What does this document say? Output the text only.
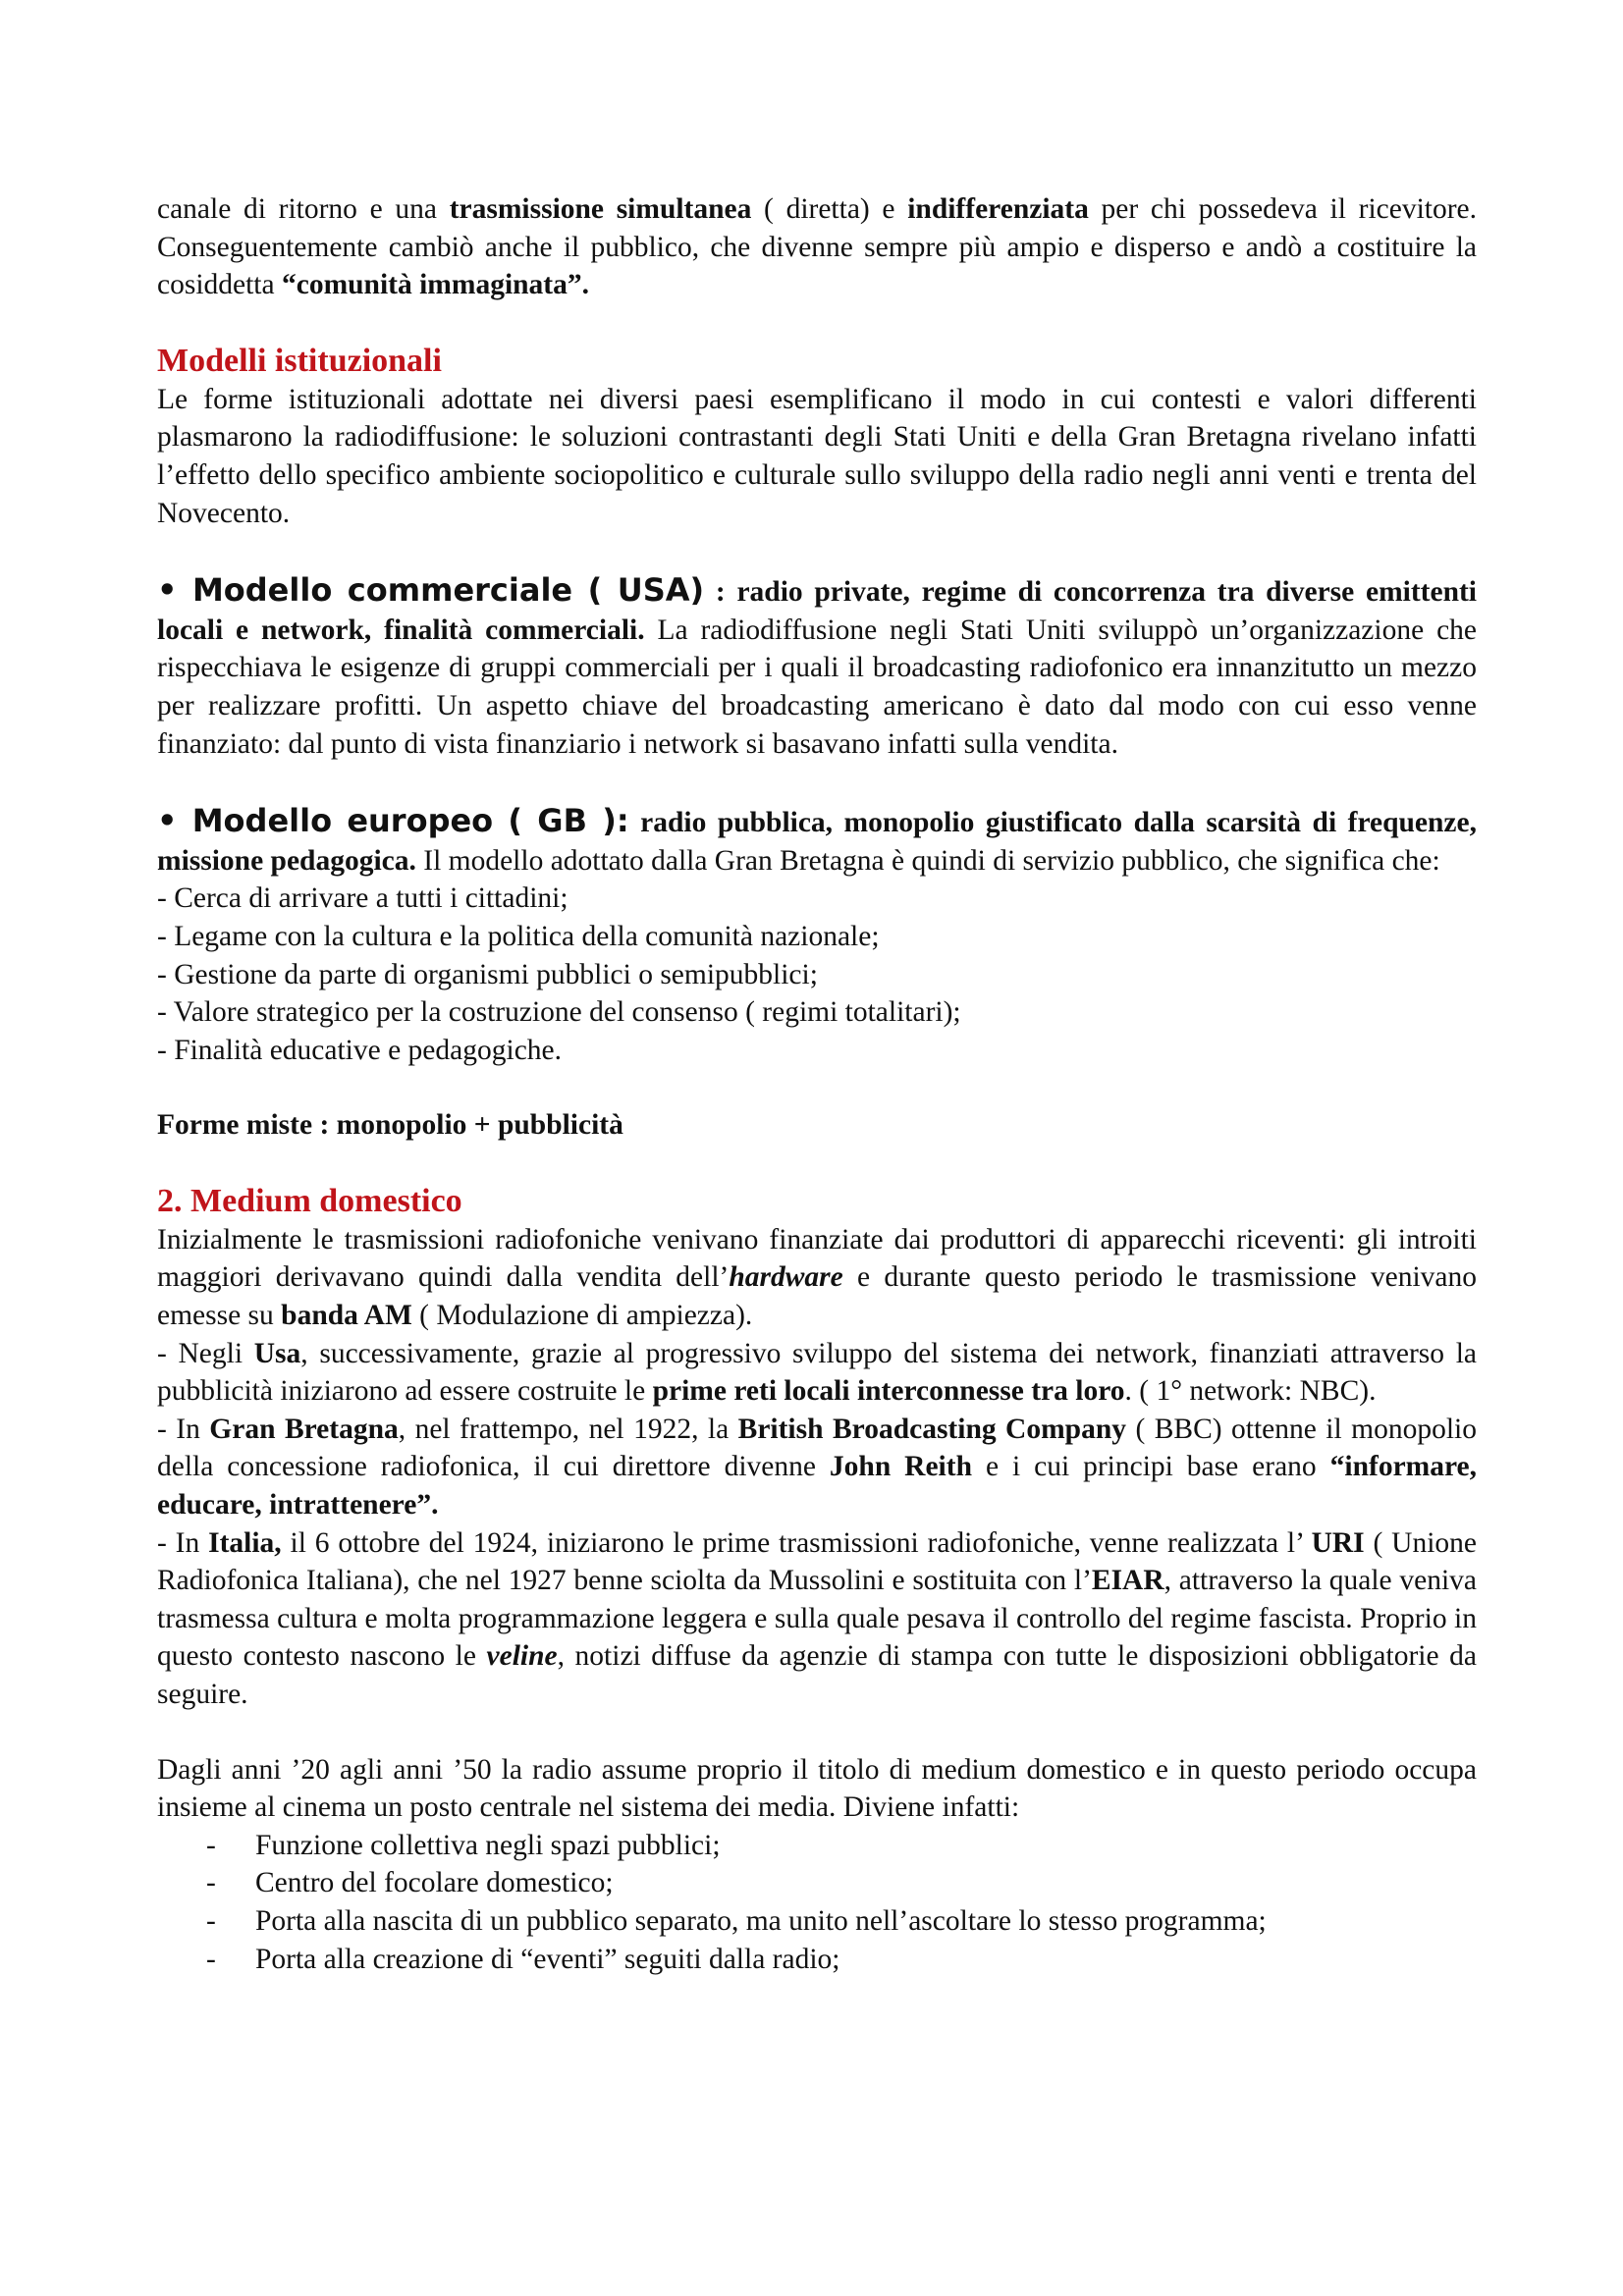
canale di ritorno e una trasmissione simultanea ( diretta) e indifferenziata per chi possedeva il ricevitore. Conseguentemente cambiò anche il pubblico, che divenne sempre più ampio e disperso e andò a costituire la cosiddetta “comunità immaginata”.

Modelli istituzionali

Le forme istituzionali adottate nei diversi paesi esemplificano il modo in cui contesti e valori differenti plasmarono la radiodiffusione: le soluzioni contrastanti degli Stati Uniti e della Gran Bretagna rivelano infatti l’effetto dello specifico ambiente sociopolitico e culturale sullo sviluppo della radio negli anni venti e trenta del Novecento.

• Modello commerciale ( USA) : radio private, regime di concorrenza tra diverse emittenti locali e network, finalità commerciali. La radiodiffusione negli Stati Uniti sviluppò un’organizzazione che rispecchiava le esigenze di gruppi commerciali per i quali il broadcasting radiofonico era innanzitutto un mezzo per realizzare profitti. Un aspetto chiave del broadcasting americano è dato dal modo con cui esso venne finanziato: dal punto di vista finanziario i network si basavano infatti sulla vendita.

• Modello europeo ( GB ): radio pubblica, monopolio giustificato dalla scarsità di frequenze, missione pedagogica. Il modello adottato dalla Gran Bretagna è quindi di servizio pubblico, che significa che:

- Cerca di arrivare a tutti i cittadini;

- Legame con la cultura e la politica della comunità nazionale;

- Gestione da parte di organismi pubblici o semipubblici;

- Valore strategico per la costruzione del consenso ( regimi totalitari);

- Finalità educative e pedagogiche.

Forme miste : monopolio + pubblicità

2. Medium domestico

Inizialmente le trasmissioni radiofoniche venivano finanziate dai produttori di apparecchi riceventi: gli introiti maggiori derivavano quindi dalla vendita dell’hardware e durante questo periodo le trasmissione venivano emesse su banda AM ( Modulazione di ampiezza).

- Negli Usa, successivamente, grazie al progressivo sviluppo del sistema dei network, finanziati attraverso la pubblicità iniziarono ad essere costruite le prime reti locali interconnesse tra loro. ( 1° network: NBC).

- In Gran Bretagna, nel frattempo, nel 1922, la British Broadcasting Company ( BBC) ottenne il monopolio della concessione radiofonica, il cui direttore divenne John Reith e i cui principi base erano “informare, educare, intrattenere”.

- In Italia, il 6 ottobre del 1924, iniziarono le prime trasmissioni radiofoniche, venne realizzata l’ URI ( Unione Radiofonica Italiana), che nel 1927 benne sciolta da Mussolini e sostituita con l’EIAR, attraverso la quale veniva trasmessa cultura e molta programmazione leggera e sulla quale pesava il controllo del regime fascista. Proprio in questo contesto nascono le veline, notizi diffuse da agenzie di stampa con tutte le disposizioni obbligatorie da seguire.

Dagli anni ’20 agli anni ’50 la radio assume proprio il titolo di medium domestico e in questo periodo occupa insieme al cinema un posto centrale nel sistema dei media. Diviene infatti:

- Funzione collettiva negli spazi pubblici;
- Centro del focolare domestico;
- Porta alla nascita di un pubblico separato, ma unito nell’ascoltare lo stesso programma;
- Porta alla creazione di “eventi” seguiti dalla radio;
